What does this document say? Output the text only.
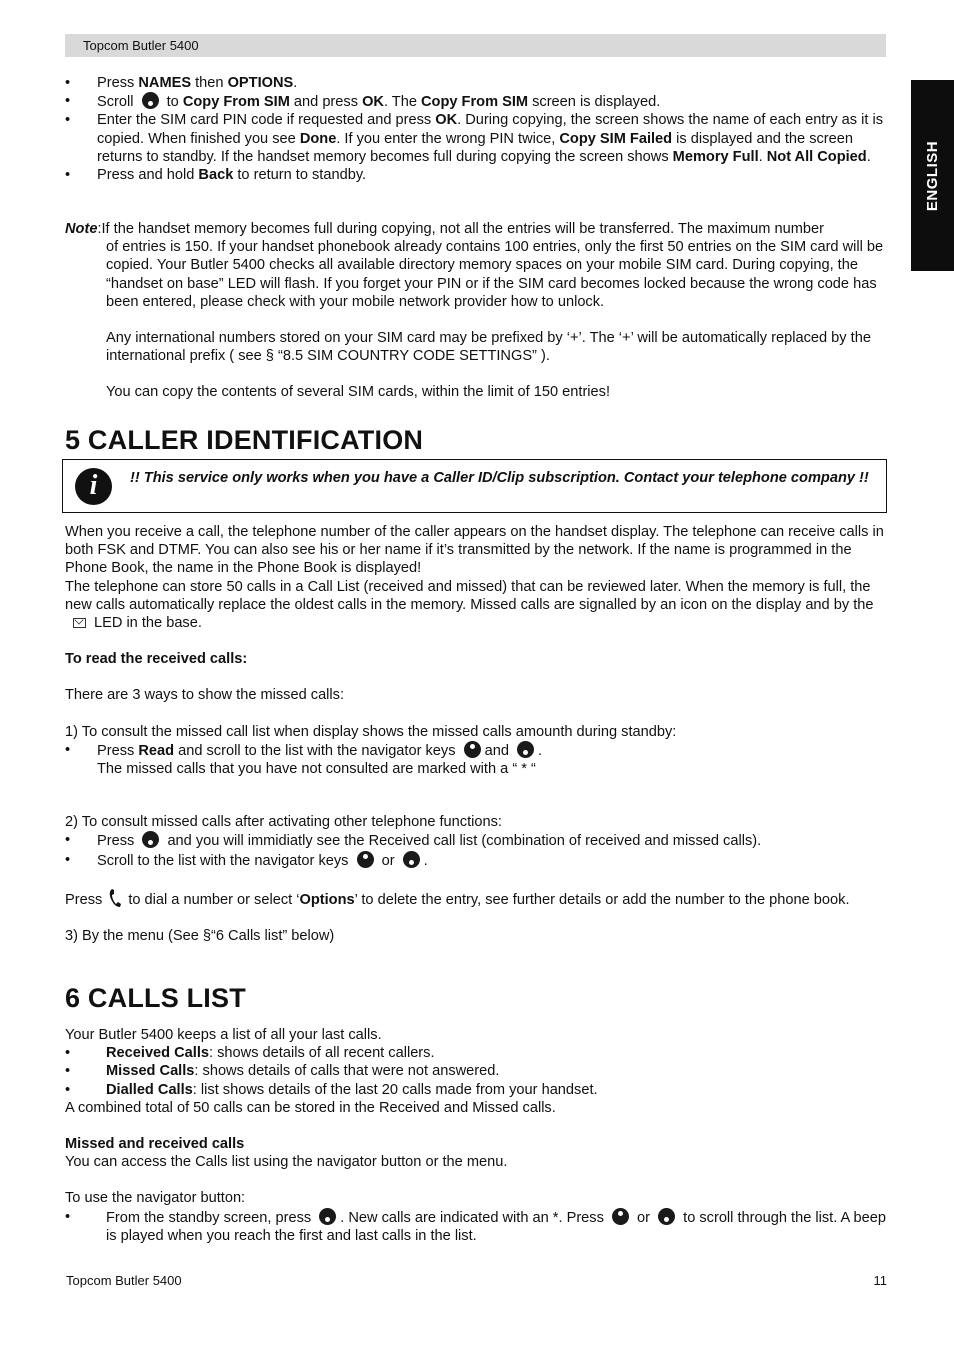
Topcom Butler 5400
ENGLISH
• Press NAMES then OPTIONS.
• Scroll  to Copy From SIM and press OK. The Copy From SIM screen is displayed.
• Enter the SIM card PIN code if requested and press OK. During copying, the screen shows the name of each entry as it is copied. When finished you see Done. If you enter the wrong PIN twice, Copy SIM Failed is displayed and the screen returns to standby. If the handset memory becomes full during copying the screen shows Memory Full. Not All Copied.
• Press and hold Back to return to standby.

Note:If the handset memory becomes full during copying, not all the entries will be transferred. The maximum number

of entries is 150. If your handset phonebook already contains 100 entries, only the first 50 entries on the SIM card will be copied. Your Butler 5400 checks all available directory memory spaces on your mobile SIM card. During copying, the “handset on base” LED will flash. If you forget your PIN or if the SIM card becomes locked because the wrong code has been entered, please check with your mobile network provider how to unlock.

Any international numbers stored on your SIM card may be prefixed by ‘+’. The ‘+’ will be automatically replaced by the international prefix ( see § “8.5 SIM COUNTRY CODE SETTINGS” ).

You can copy the contents of several SIM cards, within the limit of 150 entries!

5 CALLER IDENTIFICATION
i	!! This service only works when you have a Caller ID/Clip subscription. Contact your telephone company !!

When you receive a call, the telephone number of the caller appears on the handset display. The telephone can receive calls in both FSK and DTMF. You can also see his or her name if it’s transmitted by the network. If the name is programmed in the Phone Book, the name in the Phone Book is displayed!

The telephone can store 50 calls in a Call List (received and missed) that can be reviewed later. When the memory is full, the new calls automatically replace the oldest calls in the memory. Missed calls are signalled by an icon on the display and by theLED in the base.

To read the received calls:

There are 3 ways to show the missed calls:

1) To consult the missed call list when display shows the missed calls amounth during standby:

• Press Read and scroll to the list with the navigator keys and .

The missed calls that you have not consulted are marked with a “ * “

2) To consult missed calls after activating other telephone functions:

• Press and you will immidiatly see the Received call list (combination of received and missed calls).
• Scroll to the list with the navigator keys or .

Press to dial a number or select ‘Options’ to delete the entry, see further details or add the number to the phone book.

3) By the menu (See §“6 Calls list” below)

6 CALLS LIST

Your Butler 5400 keeps a list of all your last calls.

• Received Calls: shows details of all recent callers.
• Missed Calls: shows details of calls that were not answered.
• Dialled Calls: list shows details of the last 20 calls made from your handset.

A combined total of 50 calls can be stored in the Received and Missed calls.

Missed and received calls

You can access the Calls list using the navigator button or the menu.

To use the navigator button:

• From the standby screen, press . New calls are indicated with an *. Press or to scroll through the list. A beep is played when you reach the first and last calls in the list.
Topcom Butler 5400	11
